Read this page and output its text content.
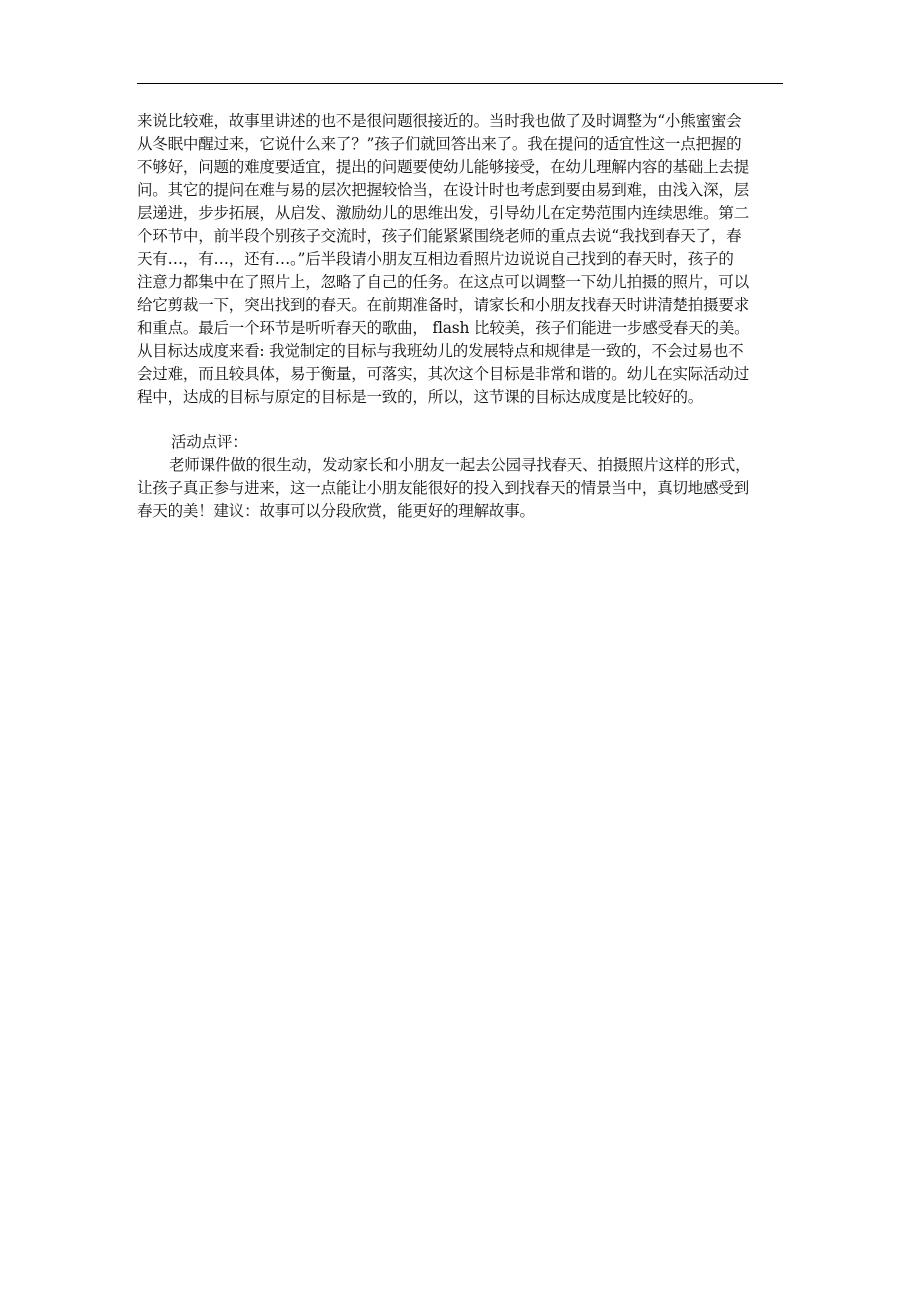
来说比较难，故事里讲述的也不是很问题很接近的。当时我也做了及时调整为“小熊蜜蜜会
从冬眠中醒过来，它说什么来了？”孩子们就回答出来了。我在提问的适宜性这一点把握的
不够好，问题的难度要适宜，提出的问题要使幼儿能够接受，在幼儿理解内容的基础上去提
问。其它的提问在难与易的层次把握较恰当，在设计时也考虑到要由易到难，由浅入深，层
层递进，步步拓展，从启发、激励幼儿的思维出发，引导幼儿在定势范围内连续思维。第二
个环节中，前半段个别孩子交流时，孩子们能紧紧围绕老师的重点去说“我找到春天了，春
天有…，有…，还有…。”后半段请小朋友互相边看照片边说说自己找到的春天时，孩子的
注意力都集中在了照片上，忽略了自己的任务。在这点可以调整一下幼儿拍摄的照片，可以
给它剪裁一下，突出找到的春天。在前期准备时，请家长和小朋友找春天时讲清楚拍摄要求
和重点。最后一个环节是听听春天的歌曲， flash 比较美，孩子们能进一步感受春天的美。
从目标达成度来看: 我觉制定的目标与我班幼儿的发展特点和规律是一致的，不会过易也不
会过难，而且较具体，易于衡量，可落实，其次这个目标是非常和谐的。幼儿在实际活动过
程中，达成的目标与原定的目标是一致的，所以，这节课的目标达成度是比较好的。
活动点评：
老师课件做的很生动，发动家长和小朋友一起去公园寻找春天、拍摄照片这样的形式，
让孩子真正参与进来，这一点能让小朋友能很好的投入到找春天的情景当中，真切地感受到
春天的美！建议：故事可以分段欣赏，能更好的理解故事。
